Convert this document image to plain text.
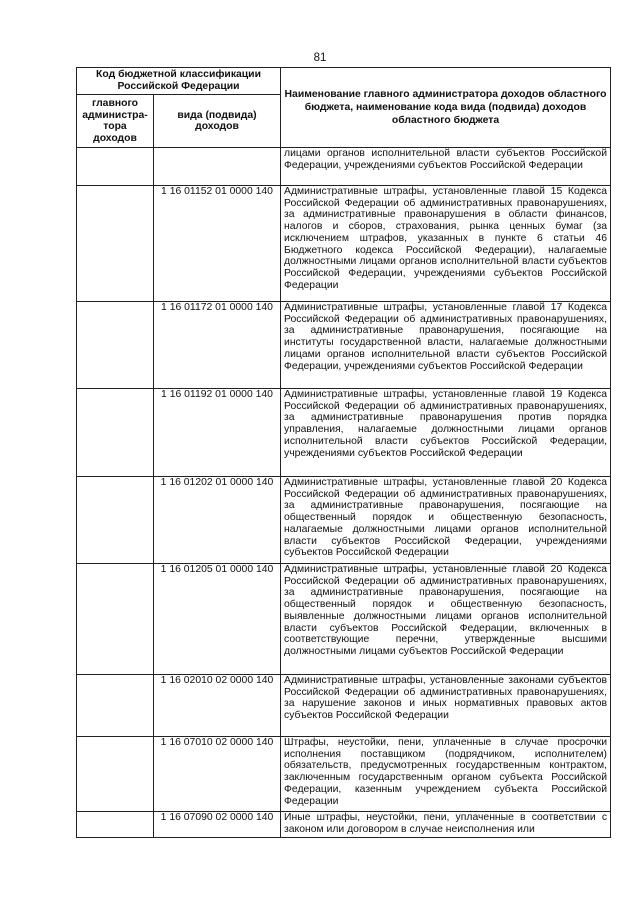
81
Код бюджетной классификации Российской Федерации		Наименование главного администратора доходов областного бюджета, наименование кода вида (подвида) доходов областного бюджета
главного администра-тора доходов	вида (подвида) доходов	
		лицами органов исполнительной власти субъектов Российской Федерации, учреждениями субъектов Российской Федерации
	1 16 01152 01 0000 140	Административные штрафы, установленные главой 15 Кодекса Российской Федерации об административных правонарушениях, за административные правонарушения в области финансов, налогов и сборов, страхования, рынка ценных бумаг (за исключением штрафов, указанных в пункте 6 статьи 46 Бюджетного кодекса Российской Федерации), налагаемые должностными лицами органов исполнительной власти субъектов Российской Федерации, учреждениями субъектов Российской Федерации
	1 16 01172 01 0000 140	Административные штрафы, установленные главой 17 Кодекса Российской Федерации об административных правонарушениях, за административные правонарушения, посягающие на институты государственной власти, налагаемые должностными лицами органов исполнительной власти субъектов Российской Федерации, учреждениями субъектов Российской Федерации
	1 16 01192 01 0000 140	Административные штрафы, установленные главой 19 Кодекса Российской Федерации об административных правонарушениях, за административные правонарушения против порядка управления, налагаемые должностными лицами органов исполнительной власти субъектов Российской Федерации, учреждениями субъектов Российской Федерации
	1 16 01202 01 0000 140	Административные штрафы, установленные главой 20 Кодекса Российской Федерации об административных правонарушениях, за административные правонарушения, посягающие на общественный порядок и общественную безопасность, налагаемые должностными лицами органов исполнительной власти субъектов Российской Федерации, учреждениями субъектов Российской Федерации
	1 16 01205 01 0000 140	Административные штрафы, установленные главой 20 Кодекса Российской Федерации об административных правонарушениях, за административные правонарушения, посягающие на общественный порядок и общественную безопасность, выявленные должностными лицами органов исполнительной власти субъектов Российской Федерации, включенных в соответствующие перечни, утвержденные высшими должностными лицами субъектов Российской Федерации
	1 16 02010 02 0000 140	Административные штрафы, установленные законами субъектов Российской Федерации об административных правонарушениях, за нарушение законов и иных нормативных правовых актов субъектов Российской Федерации
	1 16 07010 02 0000 140	Штрафы, неустойки, пени, уплаченные в случае просрочки исполнения поставщиком (подрядчиком, исполнителем) обязательств, предусмотренных государственным контрактом, заключенным государственным органом субъекта Российской Федерации, казенным учреждением субъекта Российской Федерации
	1 16 07090 02 0000 140	Иные штрафы, неустойки, пени, уплаченные в соответствии с законом или договором в случае неисполнения или
